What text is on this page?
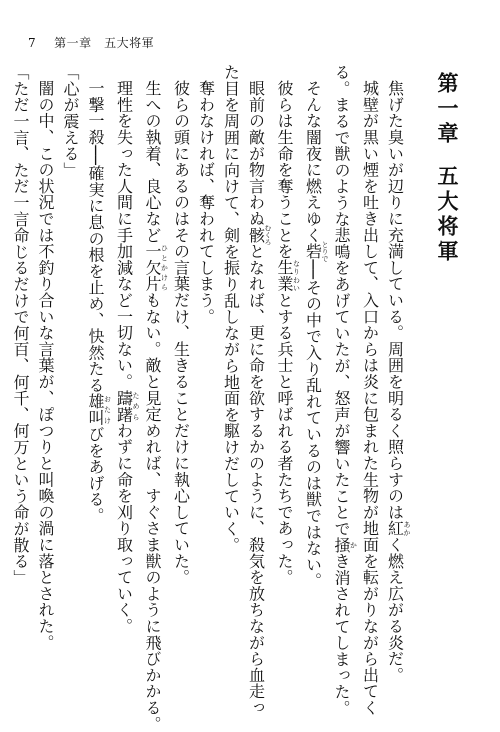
7 第一章　 五大将軍
第一章五大将軍
焦げた臭いが辺りに充満している。周囲を明るく照らすのは紅あかく燃え広がる炎だ。
城壁が黒い煙を吐き出して、入口からは炎に包まれた生物が地面を転がりながら出てく
る。まるで獣のような悲鳴をあげていたが、怒声が響いたことで掻かき消されてしまった。
そんな闇夜に燃えゆく砦とりで──その中で入り乱れているのは獣ではない。
彼らは生命を奪うことを生業なりわいとする兵士と呼ばれる者たちであった。
眼前の敵が物言わぬ骸むくろとなれば、更に命を欲するかのように、殺気を放ちながら血走っ
た目を周囲に向けて、剣を振り乱しながら地面を駆けだしていく。
奪わなければ、奪われてしまう。
彼らの頭にあるのはその言葉だけ、生きることだけに執心していた。
生への執着、良心など一欠片ひとかけらもない。敵と見定めれば、すぐさま獣のように飛びかかる。
理性を失った人間に手加減など一切ない。躊躇ためらわずに命を刈り取っていく。
一撃一殺──確実に息の根を止め、快然たる雄叫おたけびをあげる。
「心が震える」
闇の中、この状況では不釣り合いな言葉が、ぽつりと叫喚の渦に落とされた。
「ただ一言、ただ一言命じるだけで何百、何千、何万という命が散る」
